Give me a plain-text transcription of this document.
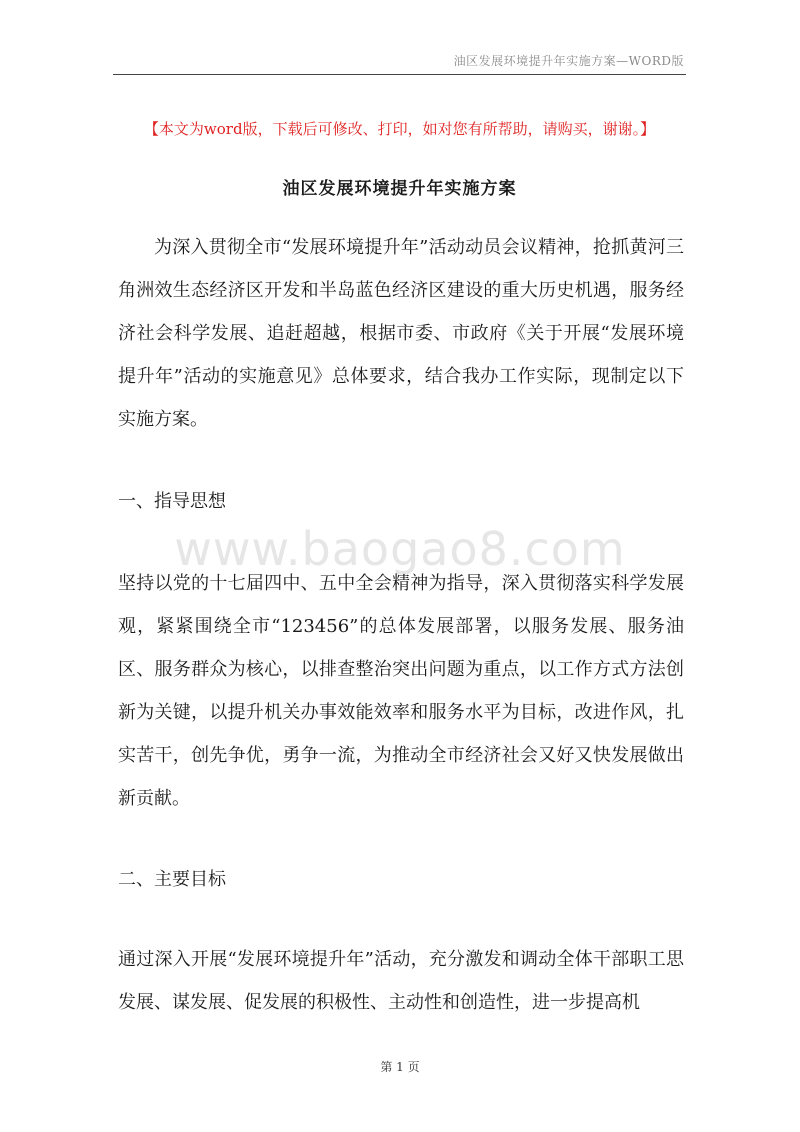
油区发展环境提升年实施方案—WORD版
【本文为word版，下载后可修改、打印，如对您有所帮助，请购买，谢谢。】
油区发展环境提升年实施方案
www.baogao8.com

为深入贯彻全市“发展环境提升年”活动动员会议精神，抢抓黄河三角洲效生态经济区开发和半岛蓝色经济区建设的重大历史机遇，服务经济社会科学发展、追赶超越，根据市委、市政府《关于开展“发展环境提升年”活动的实施意见》总体要求，结合我办工作实际，现制定以下实施方案。

一、指导思想

坚持以党的十七届四中、五中全会精神为指导，深入贯彻落实科学发展观，紧紧围绕全市“123456”的总体发展部署，以服务发展、服务油区、服务群众为核心，以排查整治突出问题为重点，以工作方式方法创新为关键，以提升机关办事效能效率和服务水平为目标，改进作风，扎实苦干，创先争优，勇争一流，为推动全市经济社会又好又快发展做出新贡献。

二、主要目标

通过深入开展“发展环境提升年”活动，充分激发和调动全体干部职工思发展、谋发展、促发展的积极性、主动性和创造性，进一步提高机

第 1 页
